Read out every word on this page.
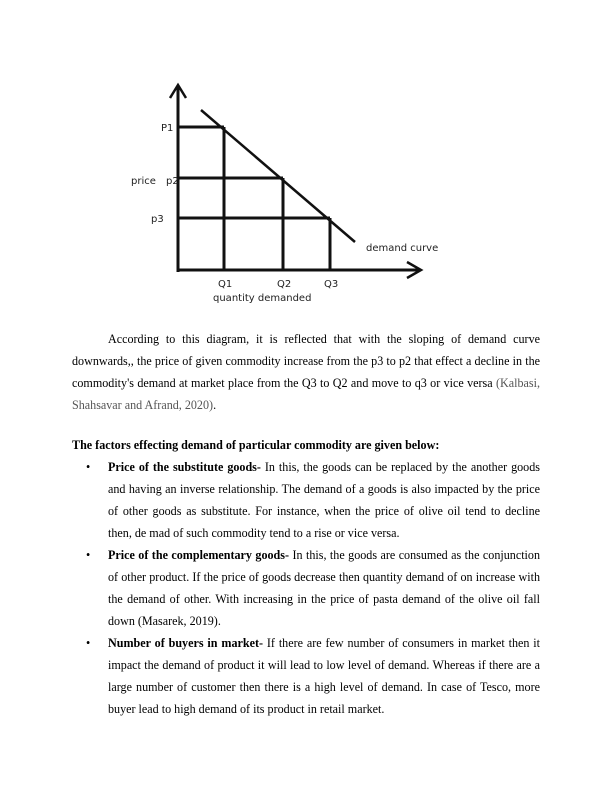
P1
price p2
p3
Q1	Q2	Q3
quantity demanded
demand curve

According to this diagram, it is reflected that with the sloping of demand curve downwards,, the price of given commodity increase from the p3 to p2 that effect a decline in the commodity's demand at market place from the Q3 to Q2 and move to q3 or vice versa (Kalbasi, Shahsavar and Afrand, 2020).

The factors effecting demand of particular commodity are given below:

• Price of the substitute goods- In this, the goods can be replaced by the another goods and having an inverse relationship. The demand of a goods is also impacted by the price of other goods as substitute. For instance, when the price of olive oil tend to decline then, de mad of such commodity tend to a rise or vice versa.
• Price of the complementary goods- In this, the goods are consumed as the conjunction of other product. If the price of goods decrease then quantity demand of on increase with the demand of other. With increasing in the price of pasta demand of the olive oil fall down (Masarek, 2019).
• Number of buyers in market- If there are few number of consumers in market then it impact the demand of product it will lead to low level of demand. Whereas if there are a large number of customer then there is a high level of demand. In case of Tesco, more buyer lead to high demand of its product in retail market.
